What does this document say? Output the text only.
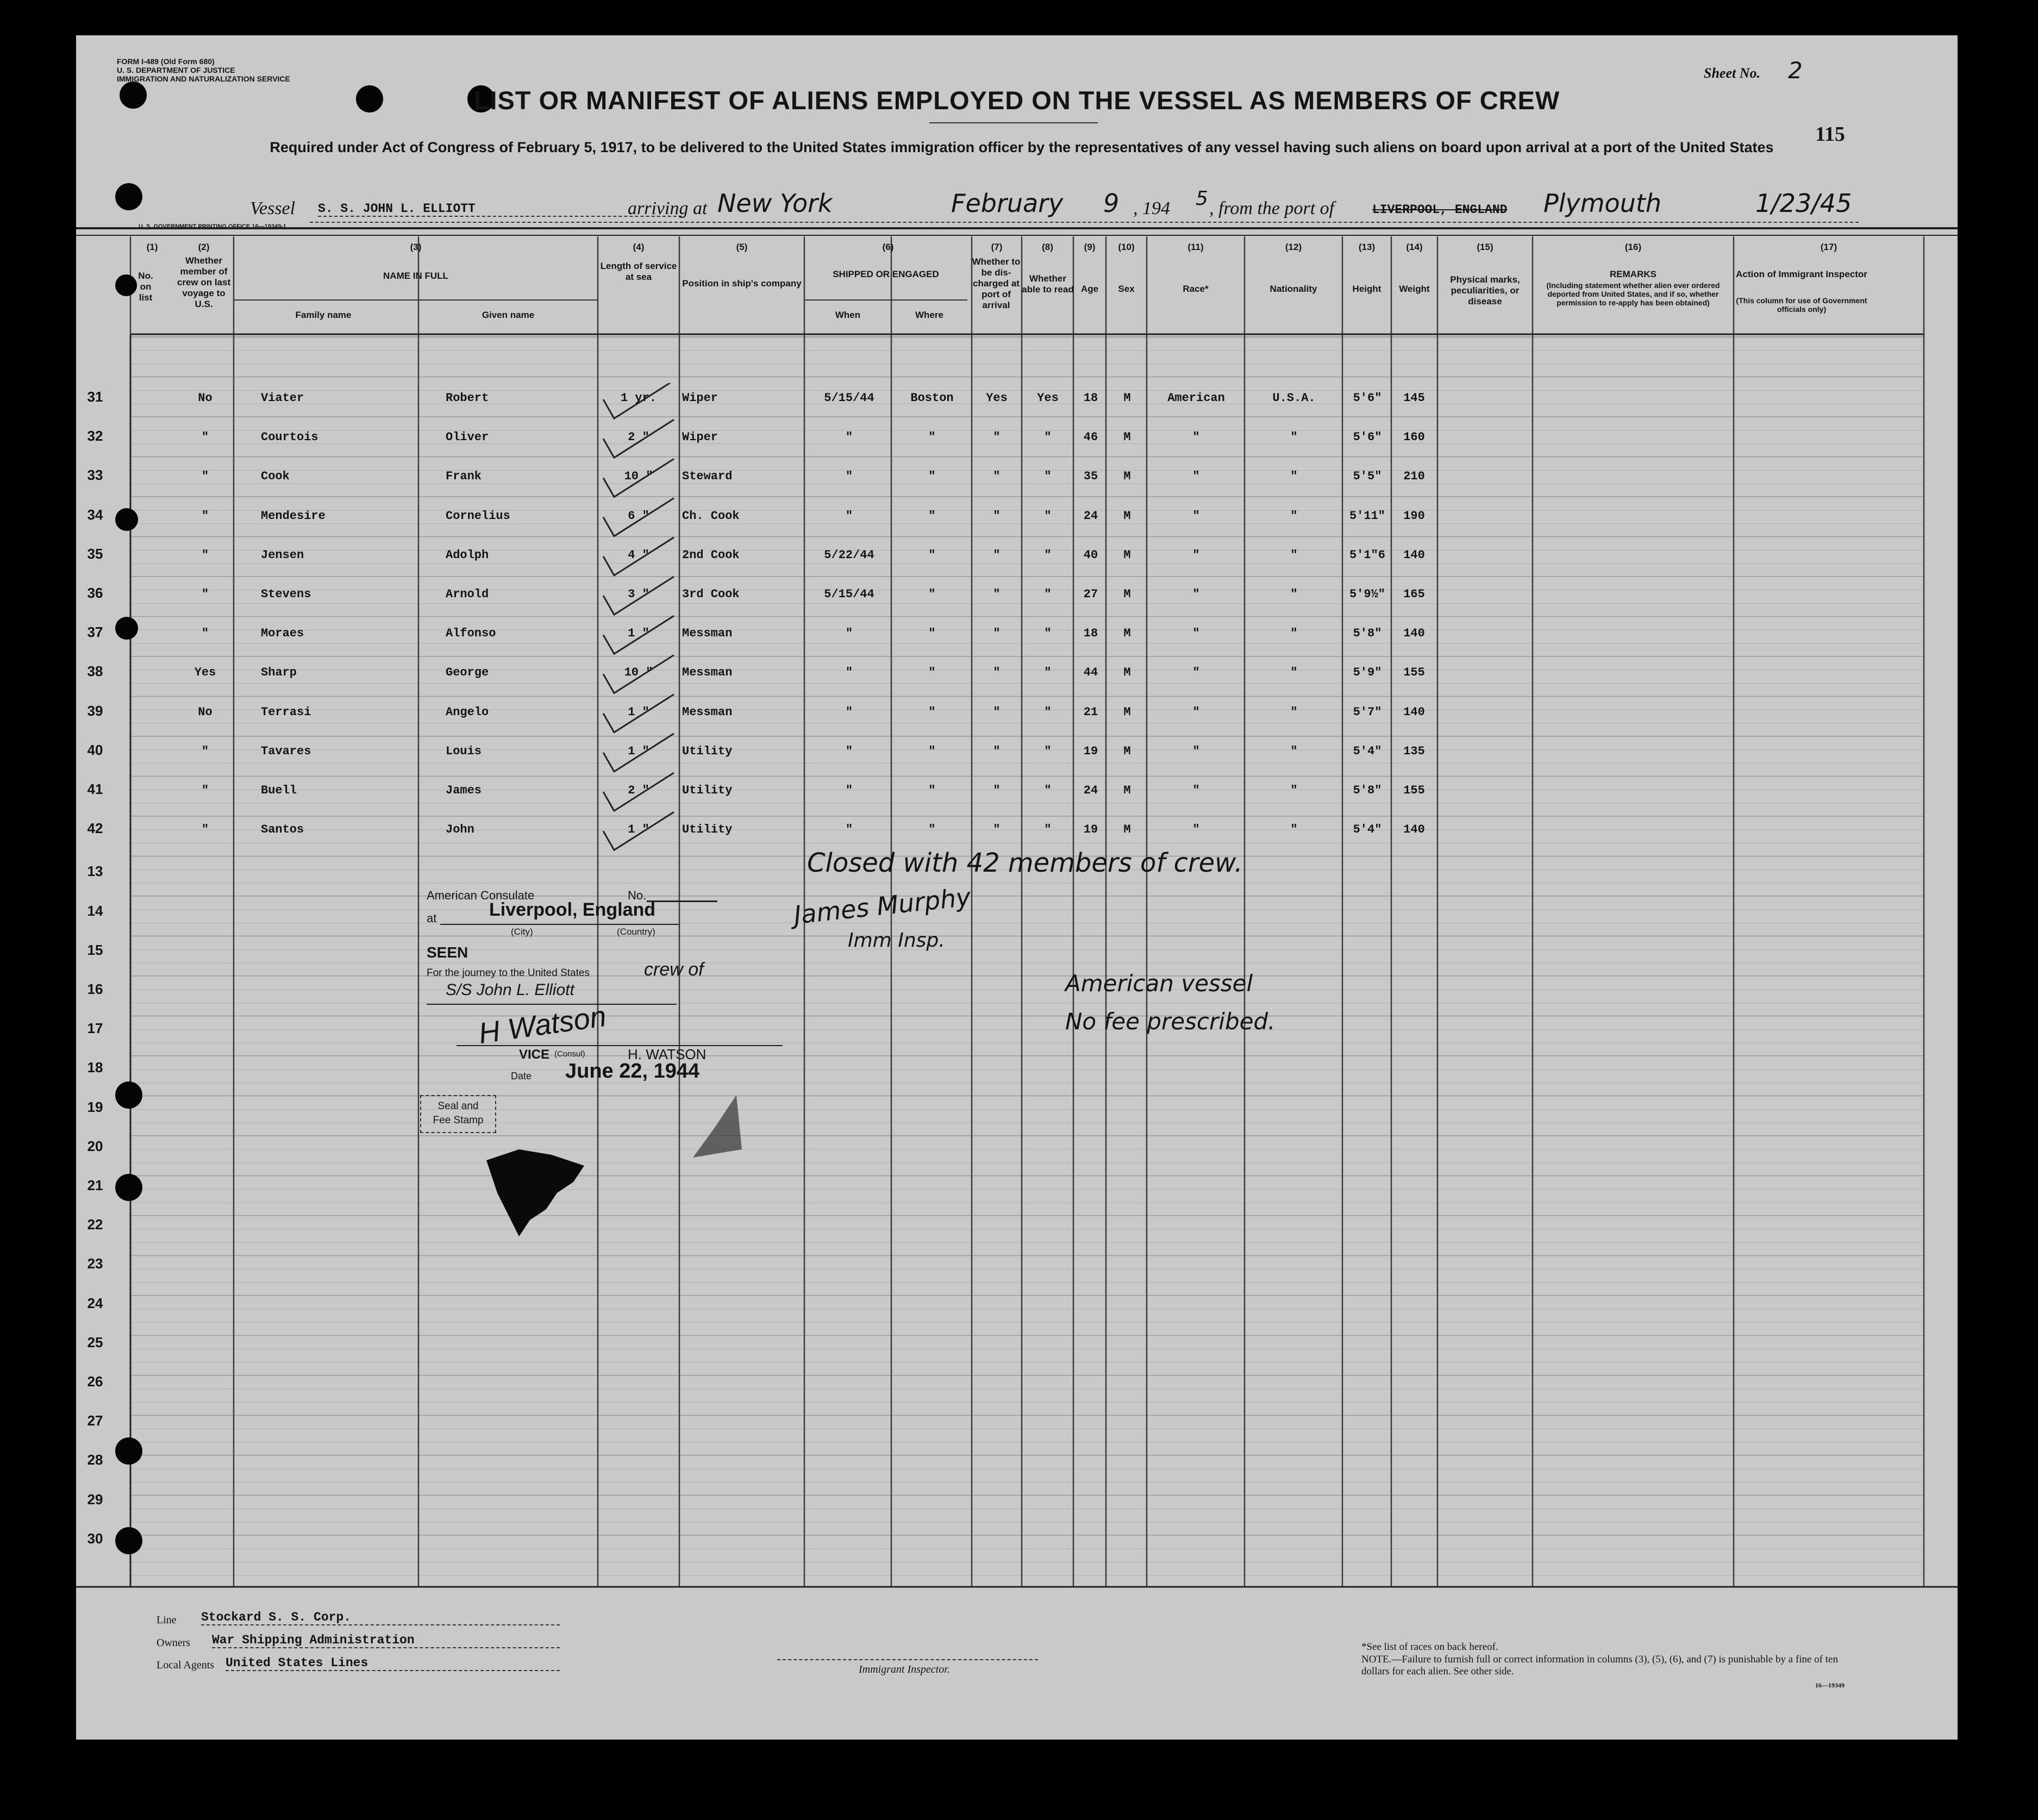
FORM I-489 (Old Form 680)
U. S. DEPARTMENT OF JUSTICE
IMMIGRATION AND NATURALIZATION SERVICE	Sheet No. 2
115
LIST OR MANIFEST OF ALIENS EMPLOYED ON THE VESSEL AS MEMBERS OF CREW
Required under Act of Congress of February 5, 1917, to be delivered to the United States immigration officer by the representatives of any vessel having such aliens on board upon arrival at a port of the United States
Vessel S. S. JOHN L. ELLIOTT	arriving at New York	February 9 , 194 5 , from the port of	LIVERPOOL, ENGLAND Plymouth	1/23/45
U. S. GOVERNMENT PRINTING OFFICE 16—19349-1
(1)	(2)	(3)	(4)	(5)	(6)	(7)	(8)	(9)	(10)	(11)	(12)	(13)	(14)	(15)	(16)	(17)
No. on list
Whether member of crew on last voyage to U.S.
NAME IN FULL
Family name	Given name
Length of service at sea
Position in ship's company
SHIPPED OR ENGAGED
When	Where
Whether to be dis-charged at port of arrival
Whether able to read Age	Sex	Race*	Nationality	Height	Weight
Physical marks, peculiarities, or disease
REMARKS
(Including statement whether alien ever ordered deported from United States, and if so, whether permission to re-apply has been obtained)
Action of Immigrant Inspector
(This column for use of Government officials only)
31	No	Viater	Robert	1 yr.	Wiper	5/15/44	Boston	Yes	Yes	18	M	American	U.S.A.	5'6"	145
32	"	Courtois	Oliver	2 "	Wiper	"	"	"	"	46	M	"	"	5'6"	160
33	"	Cook	Frank	10 "	Steward	"	"	"	"	35	M	"	"	5'5"	210
34	"	Mendesire	Cornelius	6 "	Ch. Cook	"	"	"	"	24	M	"	"	5'11"	190
35	"	Jensen	Adolph	4 "	2nd Cook	5/22/44	"	"	"	40	M	"	"	5'1"6	140
36	"	Stevens	Arnold	3 "	3rd Cook	5/15/44	"	"	"	27	M	"	"	5'9½"	165
37	"	Moraes	Alfonso	1 "	Messman	"	"	"	"	18	M	"	"	5'8"	140
38	Yes	Sharp	George	10 "	Messman	"	"	"	"	44	M	"	"	5'9"	155
39	No	Terrasi	Angelo	1 "	Messman	"	"	"	"	21	M	"	"	5'7"	140
40	"	Tavares	Louis	1 "	Utility	"	"	"	"	19	M	"	"	5'4"	135
41	"	Buell	James	2 "	Utility	"	"	"	"	24	M	"	"	5'8"	155
42	"	Santos	John	1 "	Utility	"	"	"	"	19	M	"	"	5'4"	140
13
14
15
16
17
18
19
20
21
22
23
24
25
26
27
28
29
30
Closed with 42 members of crew.
James Murphy
Imm Insp.
American vessel
No fee prescribed.
American Consulate	No.
at	Liverpool, England
(City)	(Country)
SEEN
For the journey to the United States	crew of
S/S John L. Elliott
H Watson
VICE (Consul)	H. WATSON
Date June 22, 1944
Seal and
Fee Stamp
Line Stockard S. S. Corp.
Owners War Shipping Administration
Local Agents United States Lines	Immigrant Inspector.
*See list of races on back hereof.
NOTE.—Failure to furnish full or correct information in columns (3), (5), (6), and (7) is punishable by a fine of ten dollars for each alien. See other side.
16—19349
